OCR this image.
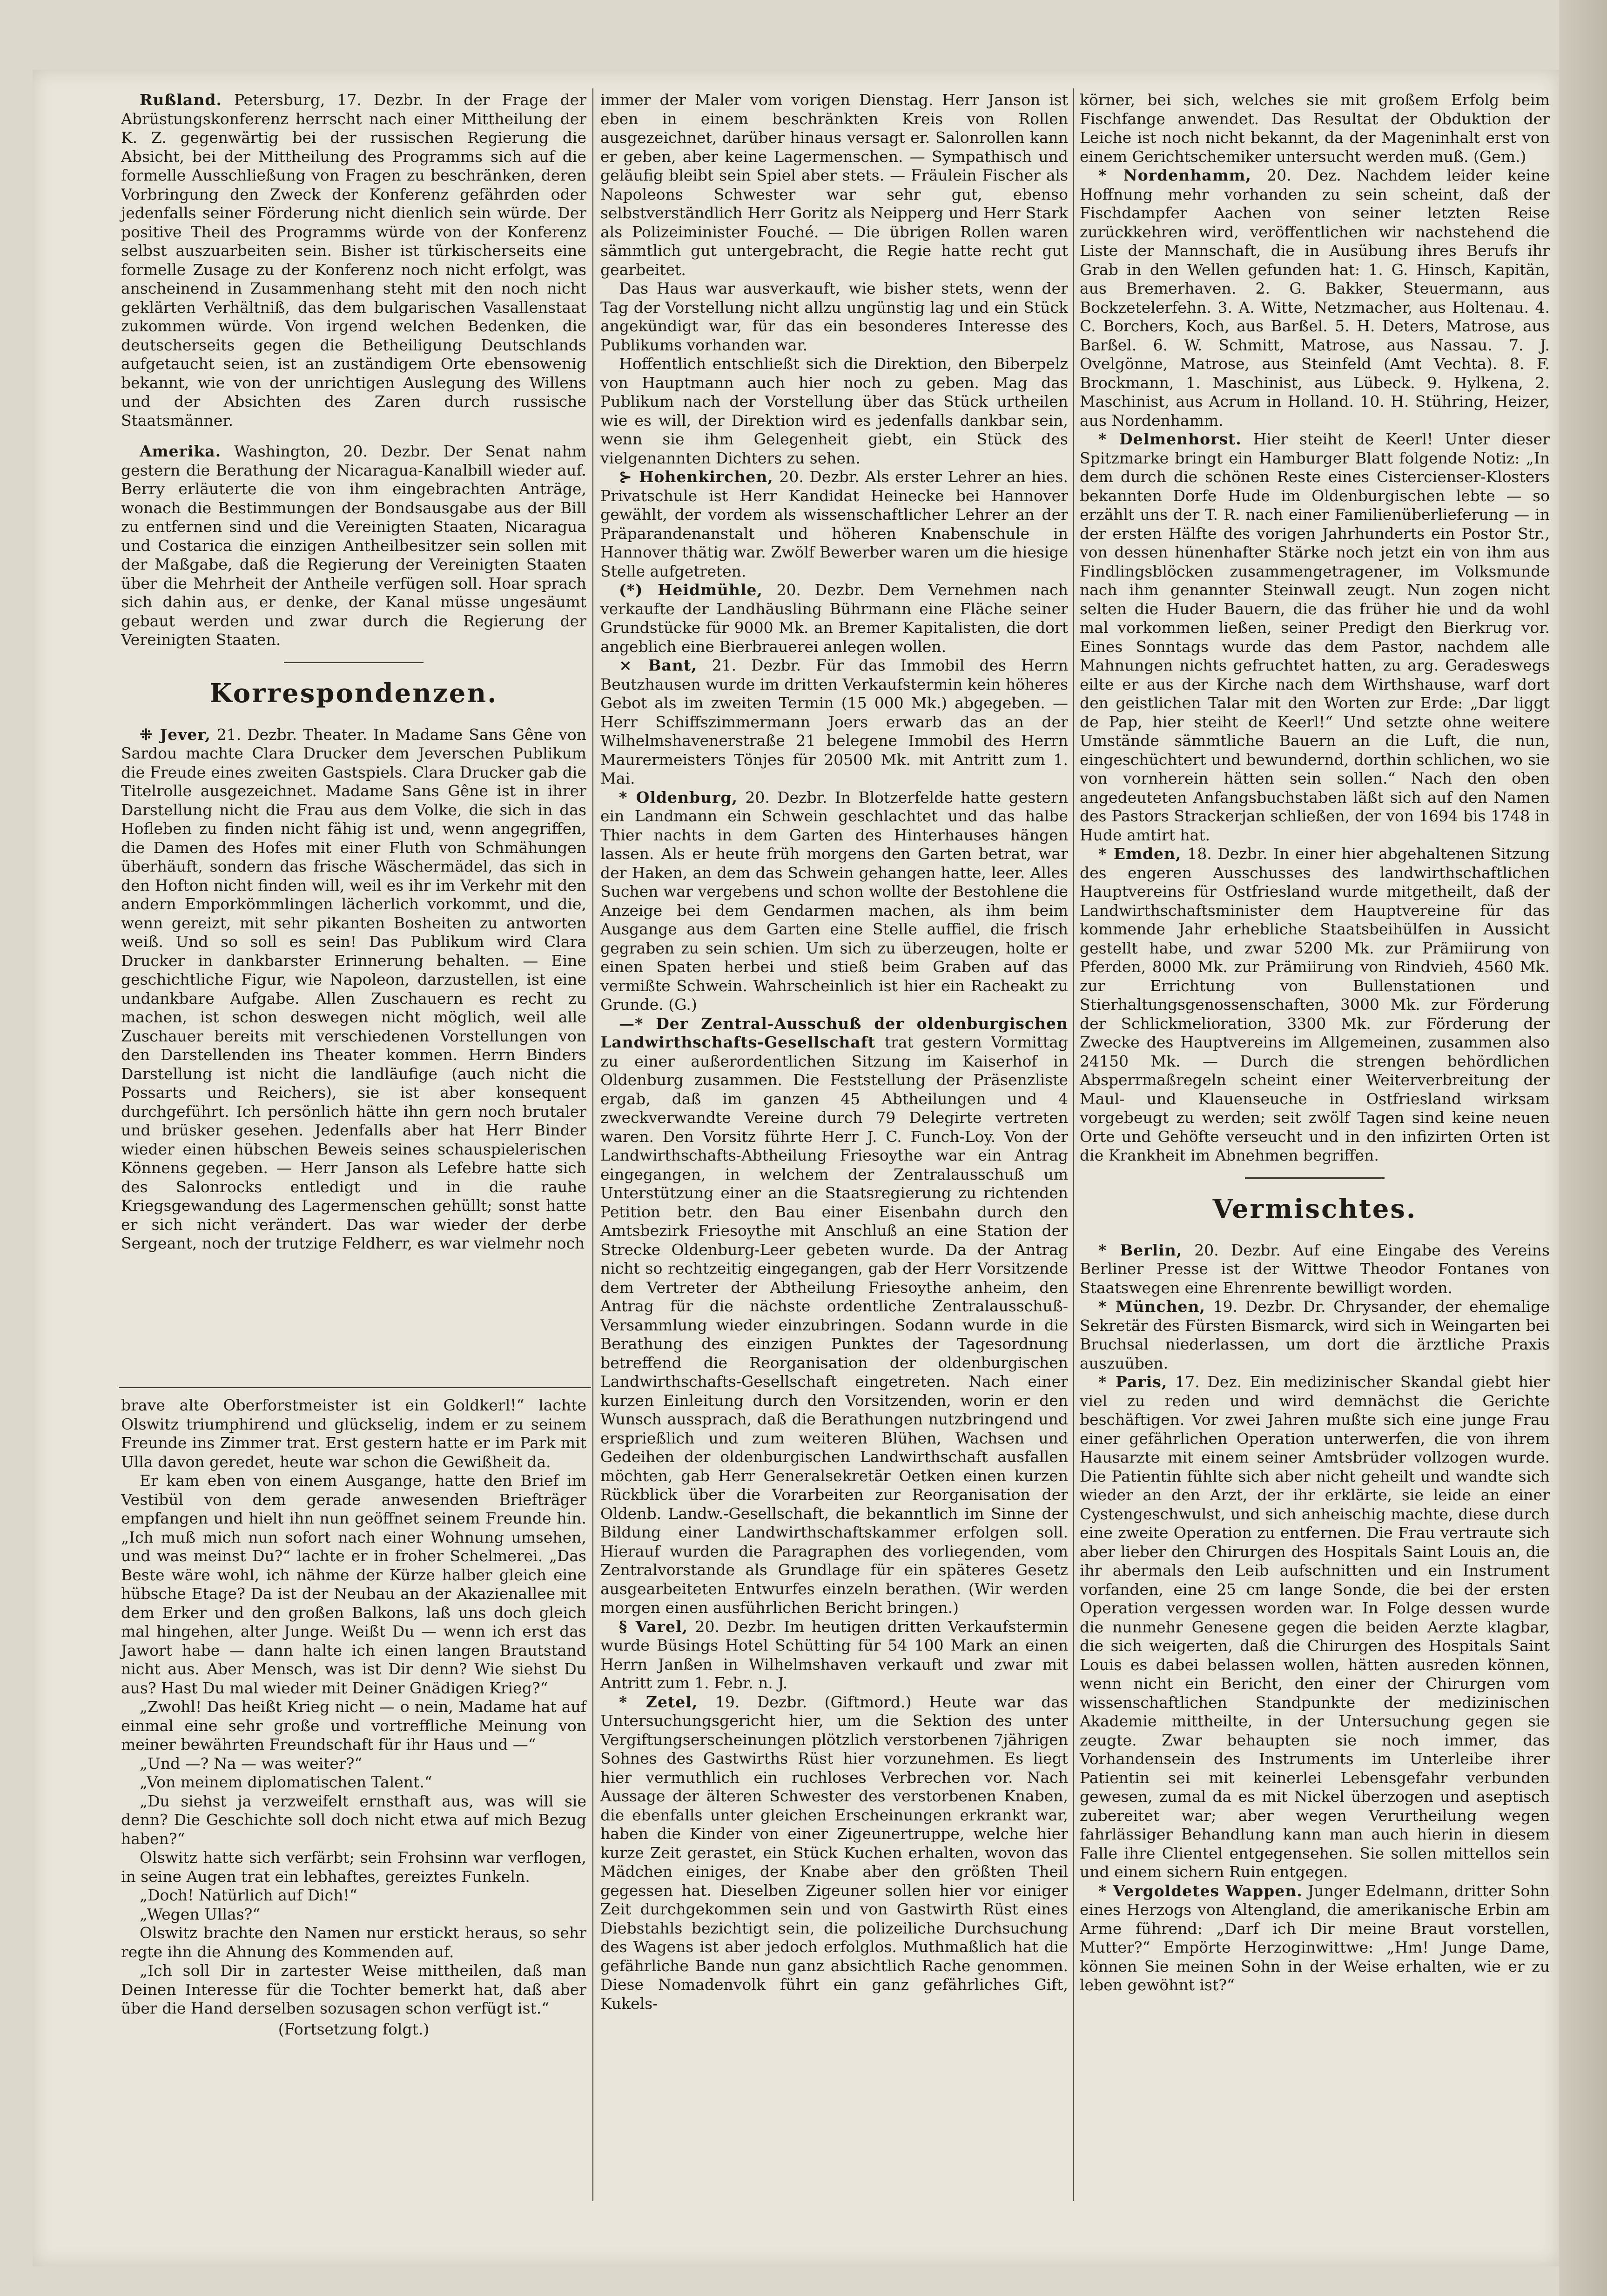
Rußland. Petersburg, 17. Dezbr. In der Frage der Abrüstungskonferenz herrscht nach einer Mittheilung der K. Z. gegenwärtig bei der russischen Regierung die Absicht, bei der Mittheilung des Programms sich auf die formelle Ausschließung von Fragen zu beschränken, deren Vorbringung den Zweck der Konferenz gefährden oder jedenfalls seiner Förderung nicht dienlich sein würde. Der positive Theil des Programms würde von der Konferenz selbst auszuarbeiten sein. Bisher ist türkischerseits eine formelle Zusage zu der Konferenz noch nicht erfolgt, was anscheinend in Zusammenhang steht mit den noch nicht geklärten Verhältniß, das dem bulgarischen Vasallenstaat zukommen würde. Von irgend welchen Bedenken, die deutscherseits gegen die Betheiligung Deutschlands aufgetaucht seien, ist an zuständigem Orte ebensowenig bekannt, wie von der unrichtigen Auslegung des Willens und der Absichten des Zaren durch russische Staatsmänner.

Amerika. Washington, 20. Dezbr. Der Senat nahm gestern die Berathung der Nicaragua-Kanalbill wieder auf. Berry erläuterte die von ihm eingebrachten Anträge, wonach die Bestimmungen der Bondsausgabe aus der Bill zu entfernen sind und die Vereinigten Staaten, Nicaragua und Costarica die einzigen Antheilbesitzer sein sollen mit der Maßgabe, daß die Regierung der Vereinigten Staaten über die Mehrheit der Antheile verfügen soll. Hoar sprach sich dahin aus, er denke, der Kanal müsse ungesäumt gebaut werden und zwar durch die Regierung der Vereinigten Staaten.

Korrespondenzen.

⁜ Jever, 21. Dezbr. Theater. In Madame Sans Gêne von Sardou machte Clara Drucker dem Jeverschen Publikum die Freude eines zweiten Gastspiels. Clara Drucker gab die Titelrolle ausgezeichnet. Madame Sans Gêne ist in ihrer Darstellung nicht die Frau aus dem Volke, die sich in das Hofleben zu finden nicht fähig ist und, wenn angegriffen, die Damen des Hofes mit einer Fluth von Schmähungen überhäuft, sondern das frische Wäschermädel, das sich in den Hofton nicht finden will, weil es ihr im Verkehr mit den andern Emporkömmlingen lächerlich vorkommt, und die, wenn gereizt, mit sehr pikanten Bosheiten zu antworten weiß. Und so soll es sein! Das Publikum wird Clara Drucker in dankbarster Erinnerung behalten. — Eine geschichtliche Figur, wie Napoleon, darzustellen, ist eine undankbare Aufgabe. Allen Zuschauern es recht zu machen, ist schon deswegen nicht möglich, weil alle Zuschauer bereits mit verschiedenen Vorstellungen von den Darstellenden ins Theater kommen. Herrn Binders Darstellung ist nicht die landläufige (auch nicht die Possarts und Reichers), sie ist aber konsequent durchgeführt. Ich persönlich hätte ihn gern noch brutaler und brüsker gesehen. Jedenfalls aber hat Herr Binder wieder einen hübschen Beweis seines schauspielerischen Könnens gegeben. — Herr Janson als Lefebre hatte sich des Salonrocks entledigt und in die rauhe Kriegsgewandung des Lagermenschen gehüllt; sonst hatte er sich nicht verändert. Das war wieder der derbe Sergeant, noch der trutzige Feldherr, es war vielmehr noch

brave alte Oberforstmeister ist ein Goldkerl!“ lachte Olswitz triumphirend und glückselig, indem er zu seinem Freunde ins Zimmer trat. Erst gestern hatte er im Park mit Ulla davon geredet, heute war schon die Gewißheit da.

Er kam eben von einem Ausgange, hatte den Brief im Vestibül von dem gerade anwesenden Briefträger empfangen und hielt ihn nun geöffnet seinem Freunde hin. „Ich muß mich nun sofort nach einer Wohnung umsehen, und was meinst Du?“ lachte er in froher Schelmerei. „Das Beste wäre wohl, ich nähme der Kürze halber gleich eine hübsche Etage? Da ist der Neubau an der Akazienallee mit dem Erker und den großen Balkons, laß uns doch gleich mal hingehen, alter Junge. Weißt Du — wenn ich erst das Jawort habe — dann halte ich einen langen Brautstand nicht aus. Aber Mensch, was ist Dir denn? Wie siehst Du aus? Hast Du mal wieder mit Deiner Gnädigen Krieg?“

„Zwohl! Das heißt Krieg nicht — o nein, Madame hat auf einmal eine sehr große und vortreffliche Meinung von meiner bewährten Freundschaft für ihr Haus und —“

„Und —? Na — was weiter?“

„Von meinem diplomatischen Talent.“

„Du siehst ja verzweifelt ernsthaft aus, was will sie denn? Die Geschichte soll doch nicht etwa auf mich Bezug haben?“

Olswitz hatte sich verfärbt; sein Frohsinn war verflogen, in seine Augen trat ein lebhaftes, gereiztes Funkeln.

„Doch! Natürlich auf Dich!“

„Wegen Ullas?“

Olswitz brachte den Namen nur erstickt heraus, so sehr regte ihn die Ahnung des Kommenden auf.

„Ich soll Dir in zartester Weise mittheilen, daß man Deinen Interesse für die Tochter bemerkt hat, daß aber über die Hand derselben sozusagen schon verfügt ist.“

(Fortsetzung folgt.)

immer der Maler vom vorigen Dienstag. Herr Janson ist eben in einem beschränkten Kreis von Rollen ausgezeichnet, darüber hinaus versagt er. Salonrollen kann er geben, aber keine Lagermenschen. — Sympathisch und geläufig bleibt sein Spiel aber stets. — Fräulein Fischer als Napoleons Schwester war sehr gut, ebenso selbstverständlich Herr Goritz als Neipperg und Herr Stark als Polizeiminister Fouché. — Die übrigen Rollen waren sämmtlich gut untergebracht, die Regie hatte recht gut gearbeitet.

Das Haus war ausverkauft, wie bisher stets, wenn der Tag der Vorstellung nicht allzu ungünstig lag und ein Stück angekündigt war, für das ein besonderes Interesse des Publikums vorhanden war.

Hoffentlich entschließt sich die Direktion, den Biberpelz von Hauptmann auch hier noch zu geben. Mag das Publikum nach der Vorstellung über das Stück urtheilen wie es will, der Direktion wird es jedenfalls dankbar sein, wenn sie ihm Gelegenheit giebt, ein Stück des vielgenannten Dichters zu sehen.

⊱ Hohenkirchen, 20. Dezbr. Als erster Lehrer an hies. Privatschule ist Herr Kandidat Heinecke bei Hannover gewählt, der vordem als wissenschaftlicher Lehrer an der Präparandenanstalt und höheren Knabenschule in Hannover thätig war. Zwölf Bewerber waren um die hiesige Stelle aufgetreten.

(*) Heidmühle, 20. Dezbr. Dem Vernehmen nach verkaufte der Landhäusling Bührmann eine Fläche seiner Grundstücke für 9000 Mk. an Bremer Kapitalisten, die dort angeblich eine Bierbrauerei anlegen wollen.

⨯ Bant, 21. Dezbr. Für das Immobil des Herrn Beutzhausen wurde im dritten Verkaufstermin kein höheres Gebot als im zweiten Termin (15 000 Mk.) abgegeben. — Herr Schiffszimmermann Joers erwarb das an der Wilhelmshavenerstraße 21 belegene Immobil des Herrn Maurermeisters Tönjes für 20500 Mk. mit Antritt zum 1. Mai.

* Oldenburg, 20. Dezbr. In Blotzerfelde hatte gestern ein Landmann ein Schwein geschlachtet und das halbe Thier nachts in dem Garten des Hinterhauses hängen lassen. Als er heute früh morgens den Garten betrat, war der Haken, an dem das Schwein gehangen hatte, leer. Alles Suchen war vergebens und schon wollte der Bestohlene die Anzeige bei dem Gendarmen machen, als ihm beim Ausgange aus dem Garten eine Stelle auffiel, die frisch gegraben zu sein schien. Um sich zu überzeugen, holte er einen Spaten herbei und stieß beim Graben auf das vermißte Schwein. Wahrscheinlich ist hier ein Racheakt zu Grunde. (G.)

—* Der Zentral-Ausschuß der oldenburgischen Landwirthschafts-Gesellschaft trat gestern Vormittag zu einer außerordentlichen Sitzung im Kaiserhof in Oldenburg zusammen. Die Feststellung der Präsenzliste ergab, daß im ganzen 45 Abtheilungen und 4 zweckverwandte Vereine durch 79 Delegirte vertreten waren. Den Vorsitz führte Herr J. C. Funch-Loy. Von der Landwirthschafts-Abtheilung Friesoythe war ein Antrag eingegangen, in welchem der Zentralausschuß um Unterstützung einer an die Staatsregierung zu richtenden Petition betr. den Bau einer Eisenbahn durch den Amtsbezirk Friesoythe mit Anschluß an eine Station der Strecke Oldenburg-Leer gebeten wurde. Da der Antrag nicht so rechtzeitig eingegangen, gab der Herr Vorsitzende dem Vertreter der Abtheilung Friesoythe anheim, den Antrag für die nächste ordentliche Zentralausschuß-Versammlung wieder einzubringen. Sodann wurde in die Berathung des einzigen Punktes der Tagesordnung betreffend die Reorganisation der oldenburgischen Landwirthschafts-Gesellschaft eingetreten. Nach einer kurzen Einleitung durch den Vorsitzenden, worin er den Wunsch aussprach, daß die Berathungen nutzbringend und ersprießlich und zum weiteren Blühen, Wachsen und Gedeihen der oldenburgischen Landwirthschaft ausfallen möchten, gab Herr Generalsekretär Oetken einen kurzen Rückblick über die Vorarbeiten zur Reorganisation der Oldenb. Landw.-Gesellschaft, die bekanntlich im Sinne der Bildung einer Landwirthschaftskammer erfolgen soll. Hierauf wurden die Paragraphen des vorliegenden, vom Zentralvorstande als Grundlage für ein späteres Gesetz ausgearbeiteten Entwurfes einzeln berathen. (Wir werden morgen einen ausführlichen Bericht bringen.)

§ Varel, 20. Dezbr. Im heutigen dritten Verkaufstermin wurde Büsings Hotel Schütting für 54 100 Mark an einen Herrn Janßen in Wilhelmshaven verkauft und zwar mit Antritt zum 1. Febr. n. J.

* Zetel, 19. Dezbr. (Giftmord.) Heute war das Untersuchungsgericht hier, um die Sektion des unter Vergiftungserscheinungen plötzlich verstorbenen 7jährigen Sohnes des Gastwirths Rüst hier vorzunehmen. Es liegt hier vermuthlich ein ruchloses Verbrechen vor. Nach Aussage der älteren Schwester des verstorbenen Knaben, die ebenfalls unter gleichen Erscheinungen erkrankt war, haben die Kinder von einer Zigeunertruppe, welche hier kurze Zeit gerastet, ein Stück Kuchen erhalten, wovon das Mädchen einiges, der Knabe aber den größten Theil gegessen hat. Dieselben Zigeuner sollen hier vor einiger Zeit durchgekommen sein und von Gastwirth Rüst eines Diebstahls bezichtigt sein, die polizeiliche Durchsuchung des Wagens ist aber jedoch erfolglos. Muthmaßlich hat die gefährliche Bande nun ganz absichtlich Rache genommen. Diese Nomadenvolk führt ein ganz gefährliches Gift, Kukels-

körner, bei sich, welches sie mit großem Erfolg beim Fischfange anwendet. Das Resultat der Obduktion der Leiche ist noch nicht bekannt, da der Mageninhalt erst von einem Gerichtschemiker untersucht werden muß. (Gem.)

* Nordenhamm, 20. Dez. Nachdem leider keine Hoffnung mehr vorhanden zu sein scheint, daß der Fischdampfer Aachen von seiner letzten Reise zurückkehren wird, veröffentlichen wir nachstehend die Liste der Mannschaft, die in Ausübung ihres Berufs ihr Grab in den Wellen gefunden hat: 1. G. Hinsch, Kapitän, aus Bremerhaven. 2. G. Bakker, Steuermann, aus Bockzetelerfehn. 3. A. Witte, Netzmacher, aus Holtenau. 4. C. Borchers, Koch, aus Barßel. 5. H. Deters, Matrose, aus Barßel. 6. W. Schmitt, Matrose, aus Nassau. 7. J. Ovelgönne, Matrose, aus Steinfeld (Amt Vechta). 8. F. Brockmann, 1. Maschinist, aus Lübeck. 9. Hylkena, 2. Maschinist, aus Acrum in Holland. 10. H. Stühring, Heizer, aus Nordenhamm.

* Delmenhorst. Hier steiht de Keerl! Unter dieser Spitzmarke bringt ein Hamburger Blatt folgende Notiz: „In dem durch die schönen Reste eines Cistercienser-Klosters bekannten Dorfe Hude im Oldenburgischen lebte — so erzählt uns der T. R. nach einer Familienüberlieferung — in der ersten Hälfte des vorigen Jahrhunderts ein Postor Str., von dessen hünenhafter Stärke noch jetzt ein von ihm aus Findlingsblöcken zusammengetragener, im Volksmunde nach ihm genannter Steinwall zeugt. Nun zogen nicht selten die Huder Bauern, die das früher hie und da wohl mal vorkommen ließen, seiner Predigt den Bierkrug vor. Eines Sonntags wurde das dem Pastor, nachdem alle Mahnungen nichts gefruchtet hatten, zu arg. Geradeswegs eilte er aus der Kirche nach dem Wirthshause, warf dort den geistlichen Talar mit den Worten zur Erde: „Dar liggt de Pap, hier steiht de Keerl!“ Und setzte ohne weitere Umstände sämmtliche Bauern an die Luft, die nun, eingeschüchtert und bewundernd, dorthin schlichen, wo sie von vornherein hätten sein sollen.“ Nach den oben angedeuteten Anfangsbuchstaben läßt sich auf den Namen des Pastors Strackerjan schließen, der von 1694 bis 1748 in Hude amtirt hat.

* Emden, 18. Dezbr. In einer hier abgehaltenen Sitzung des engeren Ausschusses des landwirthschaftlichen Hauptvereins für Ostfriesland wurde mitgetheilt, daß der Landwirthschaftsminister dem Hauptvereine für das kommende Jahr erhebliche Staatsbeihülfen in Aussicht gestellt habe, und zwar 5200 Mk. zur Prämiirung von Pferden, 8000 Mk. zur Prämiirung von Rindvieh, 4560 Mk. zur Errichtung von Bullenstationen und Stierhaltungsgenossenschaften, 3000 Mk. zur Förderung der Schlickmelioration, 3300 Mk. zur Förderung der Zwecke des Hauptvereins im Allgemeinen, zusammen also 24150 Mk. — Durch die strengen behördlichen Absperrmaßregeln scheint einer Weiterverbreitung der Maul- und Klauenseuche in Ostfriesland wirksam vorgebeugt zu werden; seit zwölf Tagen sind keine neuen Orte und Gehöfte verseucht und in den infizirten Orten ist die Krankheit im Abnehmen begriffen.

Vermischtes.

* Berlin, 20. Dezbr. Auf eine Eingabe des Vereins Berliner Presse ist der Wittwe Theodor Fontanes von Staatswegen eine Ehrenrente bewilligt worden.

* München, 19. Dezbr. Dr. Chrysander, der ehemalige Sekretär des Fürsten Bismarck, wird sich in Weingarten bei Bruchsal niederlassen, um dort die ärztliche Praxis auszuüben.

* Paris, 17. Dez. Ein medizinischer Skandal giebt hier viel zu reden und wird demnächst die Gerichte beschäftigen. Vor zwei Jahren mußte sich eine junge Frau einer gefährlichen Operation unterwerfen, die von ihrem Hausarzte mit einem seiner Amtsbrüder vollzogen wurde. Die Patientin fühlte sich aber nicht geheilt und wandte sich wieder an den Arzt, der ihr erklärte, sie leide an einer Cystengeschwulst, und sich anheischig machte, diese durch eine zweite Operation zu entfernen. Die Frau vertraute sich aber lieber den Chirurgen des Hospitals Saint Louis an, die ihr abermals den Leib aufschnitten und ein Instrument vorfanden, eine 25 cm lange Sonde, die bei der ersten Operation vergessen worden war. In Folge dessen wurde die nunmehr Genesene gegen die beiden Aerzte klagbar, die sich weigerten, daß die Chirurgen des Hospitals Saint Louis es dabei belassen wollen, hätten ausreden können, wenn nicht ein Bericht, den einer der Chirurgen vom wissenschaftlichen Standpunkte der medizinischen Akademie mittheilte, in der Untersuchung gegen sie zeugte. Zwar behaupten sie noch immer, das Vorhandensein des Instruments im Unterleibe ihrer Patientin sei mit keinerlei Lebensgefahr verbunden gewesen, zumal da es mit Nickel überzogen und aseptisch zubereitet war; aber wegen Verurtheilung wegen fahrlässiger Behandlung kann man auch hierin in diesem Falle ihre Clientel entgegensehen. Sie sollen mittellos sein und einem sichern Ruin entgegen.

* Vergoldetes Wappen. Junger Edelmann, dritter Sohn eines Herzogs von Altengland, die amerikanische Erbin am Arme führend: „Darf ich Dir meine Braut vorstellen, Mutter?“ Empörte Herzoginwittwe: „Hm! Junge Dame, können Sie meinen Sohn in der Weise erhalten, wie er zu leben gewöhnt ist?“
